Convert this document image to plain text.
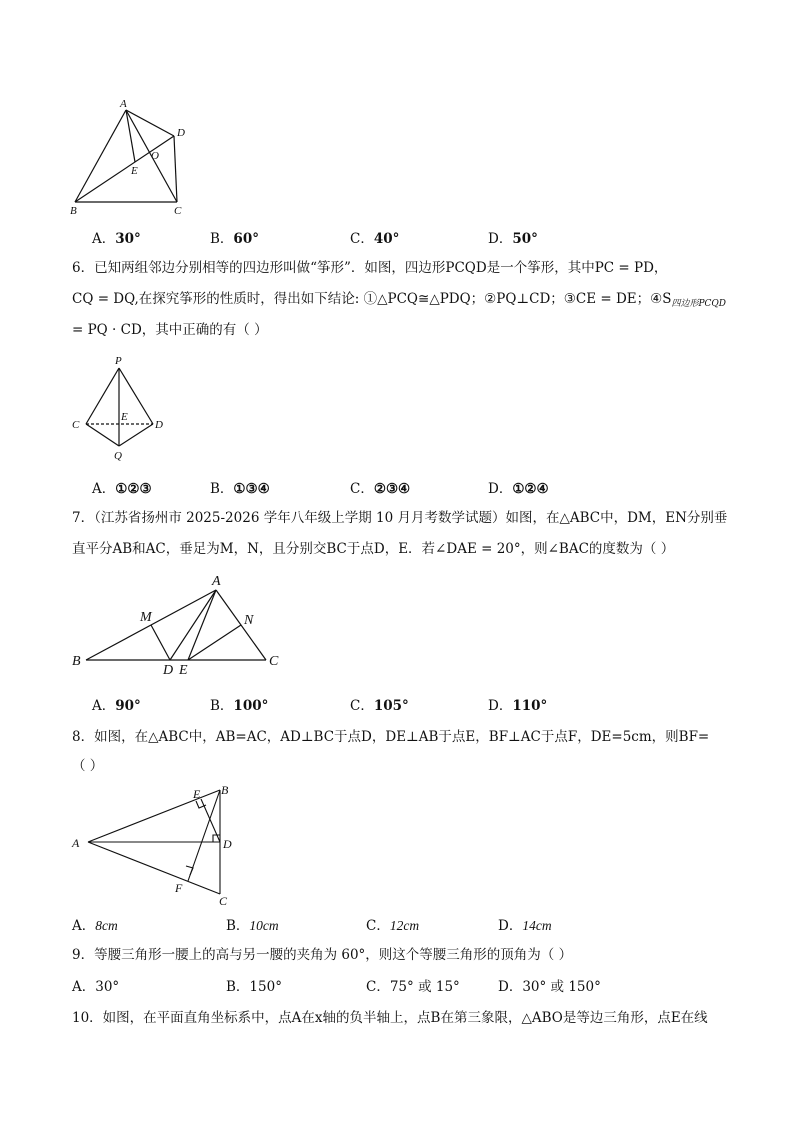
A
D
O
E
B	C
A．30°	B．60°	C．40°	D．50°
6．已知两组邻边分别相等的四边形叫做“筝形”．如图，四边形PCQD是一个筝形，其中PC = PD，
CQ = DQ,在探究筝形的性质时，得出如下结论: ①△PCQ≅△PDQ；②PQ⊥CD；③CE = DE；$④S_{四边形PCQD}$
= PQ · CD，其中正确的有（ ）
P
C	D
E
Q
A．①②③	B．①③④	C．②③④	D．①②④
7．（江苏省扬州市 2025-2026 学年八年级上学期 10 月月考数学试题）如图，在△ABC中，DM，EN分别垂
直平分AB和AC，垂足为M，N，且分别交BC于点D，E．若∠DAE = 20°，则∠BAC的度数为（ ）
A
M	N
B
D E
C
A．90°	B．100°	C．105°	D．110°
8．如图，在△ABC中，AB=AC，AD⊥BC于点D，DE⊥AB于点E，BF⊥AC于点F，DE=5cm，则BF=
（ ）
A
B
E
D
F
C
A．8cm	B．10cm	C．12cm	D．14cm
9．等腰三角形一腰上的高与另一腰的夹角为 60°，则这个等腰三角形的顶角为（ ）
A．30°	B．150°	C．75° 或 15°	D．30° 或 150°
10．如图，在平面直角坐标系中，点A在x轴的负半轴上，点B在第三象限，△ABO是等边三角形，点E在线
